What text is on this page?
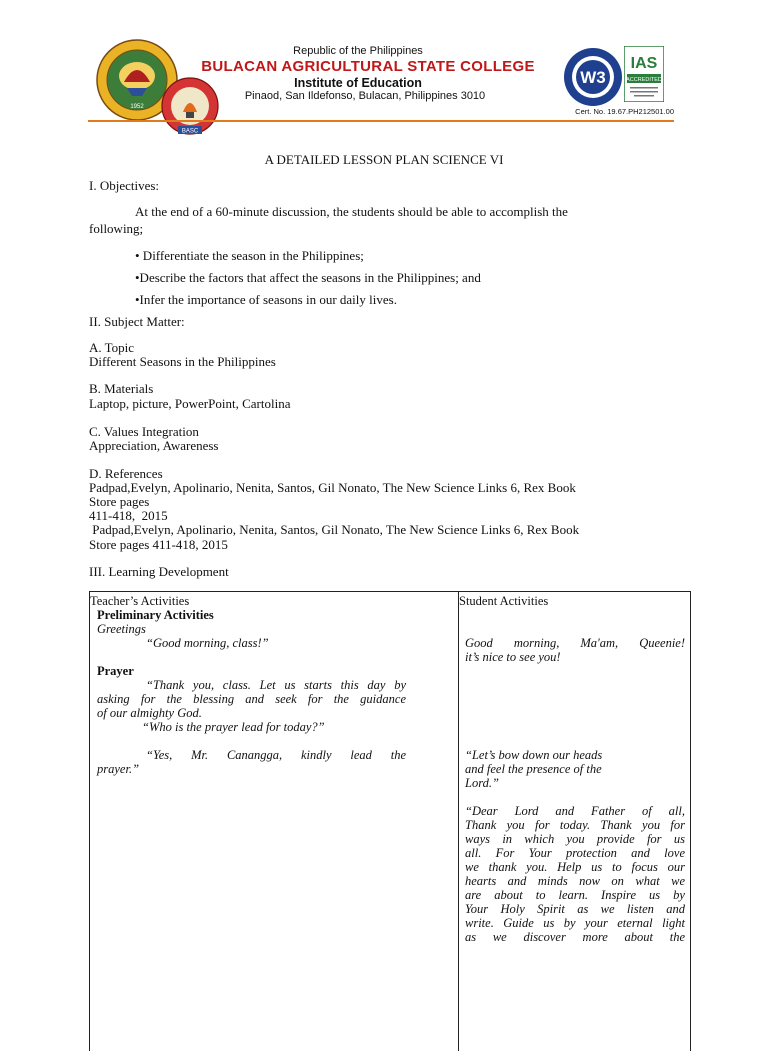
1952
BASC
Republic of the Philippines
BULACAN AGRICULTURAL STATE COLLEGE
Institute of Education
Pinaod, San Ildefonso, Bulacan, Philippines 3010
W3
IAS
ACCREDITED
Cert. No. 19.67.PH212501.00
A DETAILED LESSON PLAN SCIENCE VI
I. Objectives:
At the end of a 60-minute discussion, the students should be able to accomplish the
following;
• Differentiate the season in the Philippines;
•Describe the factors that affect the seasons in the Philippines; and
•Infer the importance of seasons in our daily lives.
II. Subject Matter:
A. Topic
Different Seasons in the Philippines
B. Materials
Laptop, picture, PowerPoint, Cartolina
C. Values Integration
Appreciation, Awareness
D. References
Padpad,Evelyn, Apolinario, Nenita, Santos, Gil Nonato, The New Science Links 6, Rex Book
Store pages
411-418,  2015
Padpad,Evelyn, Apolinario, Nenita, Santos, Gil Nonato, The New Science Links 6, Rex Book
Store pages 411-418, 2015
III. Learning Development
Teacher’s Activities	Student Activities
Preliminary Activities
Greetings
“Good morning, class!”
Prayer
“Thank you, class. Let us starts this day by
asking for the blessing and seek for the guidance
of our almighty God.
“Who is the prayer lead for today?”
“Yes, Mr. Canangga, kindly lead the
prayer.”
Good morning, Ma'am, Queenie!
it’s nice to see you!
“Let’s bow down our heads
and feel the presence of the
Lord.”
“Dear Lord and Father of all,
Thank you for today. Thank you for
ways in which you provide for us
all. For Your protection and love
we thank you. Help us to focus our
hearts and minds now on what we
are about to learn. Inspire us by
Your Holy Spirit as we listen and
write. Guide us by your eternal light
as we discover more about the
